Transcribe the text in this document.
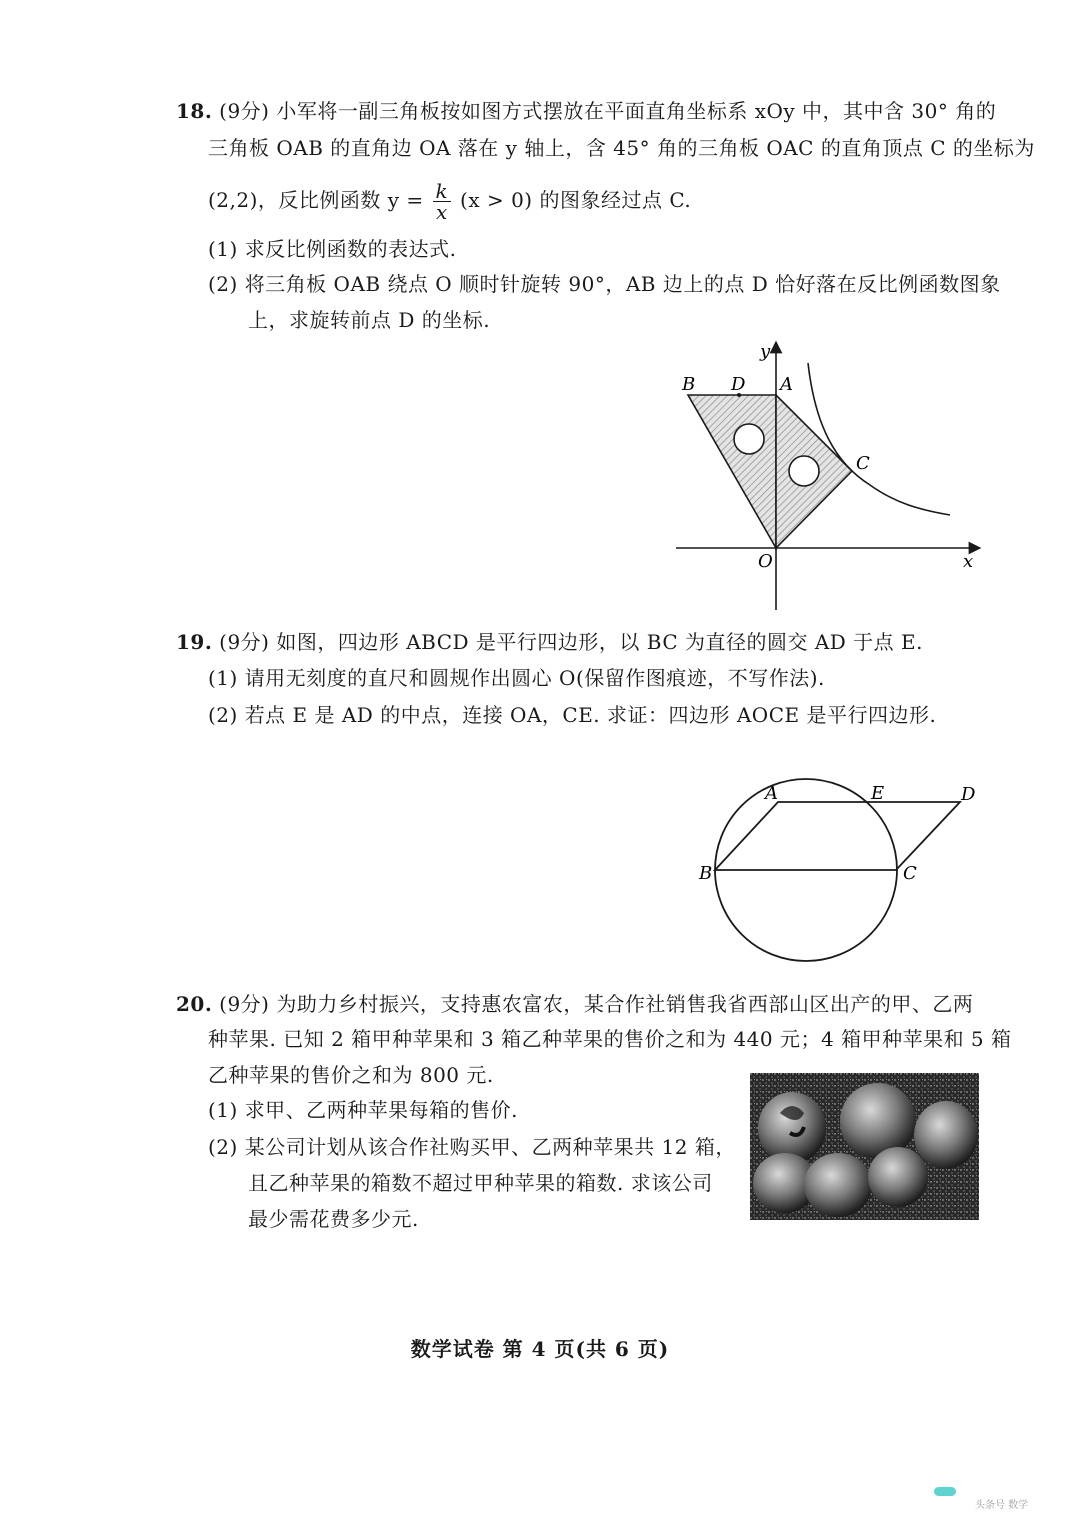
18. (9分) 小军将一副三角板按如图方式摆放在平面直角坐标系 xOy 中，其中含 30° 角的
三角板 OAB 的直角边 OA 落在 y 轴上，含 45° 角的三角板 OAC 的直角顶点 C 的坐标为
(2,2)，反比例函数 $y = \frac{k}{x} (x > 0)$ 的图象经过点 C.
(1) 求反比例函数的表达式.
(2) 将三角板 OAB 绕点 O 顺时针旋转 90°，AB 边上的点 D 恰好落在反比例函数图象
上，求旋转前点 D 的坐标.
B D A
C
O	x
y
19. (9分) 如图，四边形 ABCD 是平行四边形，以 BC 为直径的圆交 AD 于点 E.
(1) 请用无刻度的直尺和圆规作出圆心 O(保留作图痕迹，不写作法).
(2) 若点 E 是 AD 的中点，连接 OA，CE. 求证：四边形 AOCE 是平行四边形.
A	E	D
B	C
20. (9分) 为助力乡村振兴，支持惠农富农，某合作社销售我省西部山区出产的甲、乙两
种苹果. 已知 2 箱甲种苹果和 3 箱乙种苹果的售价之和为 440 元；4 箱甲种苹果和 5 箱
乙种苹果的售价之和为 800 元.
(1) 求甲、乙两种苹果每箱的售价.
(2) 某公司计划从该合作社购买甲、乙两种苹果共 12 箱，
且乙种苹果的箱数不超过甲种苹果的箱数. 求该公司
最少需花费多少元.
数学试卷 第 4 页(共 6 页)
头条号 数学
